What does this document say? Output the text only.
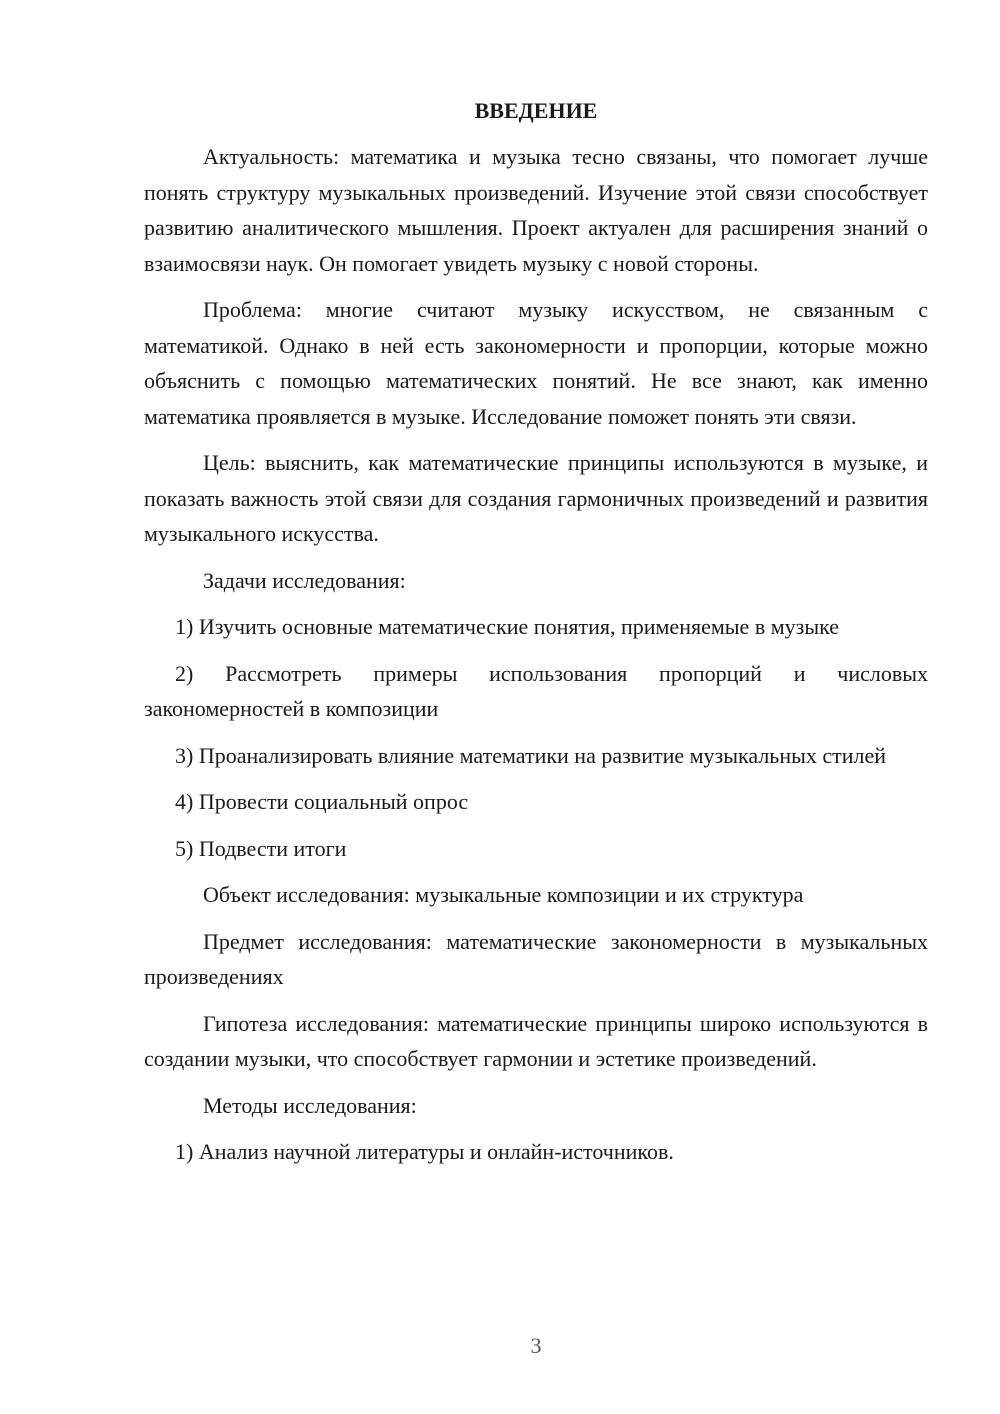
ВВЕДЕНИЕ

Актуальность: математика и музыка тесно связаны, что помогает лучше понять структуру музыкальных произведений. Изучение этой связи способствует развитию аналитического мышления. Проект актуален для расширения знаний о взаимосвязи наук. Он помогает увидеть музыку с новой стороны.

Проблема: многие считают музыку искусством, не связанным с математикой. Однако в ней есть закономерности и пропорции, которые можно объяснить с помощью математических понятий. Не все знают, как именно математика проявляется в музыке. Исследование поможет понять эти связи.

Цель: выяснить, как математические принципы используются в музыке, и показать важность этой связи для создания гармоничных произведений и развития музыкального искусства.

Задачи исследования:

1) Изучить основные математические понятия, применяемые в музыке

2) Рассмотреть примеры использования пропорций и числовых закономерностей в композиции

3) Проанализировать влияние математики на развитие музыкальных стилей

4) Провести социальный опрос

5) Подвести итоги

Объект исследования: музыкальные композиции и их структура

Предмет исследования: математические закономерности в музыкальных произведениях

Гипотеза исследования: математические принципы широко используются в создании музыки, что способствует гармонии и эстетике произведений.

Методы исследования:

1) Анализ научной литературы и онлайн-источников.

3
